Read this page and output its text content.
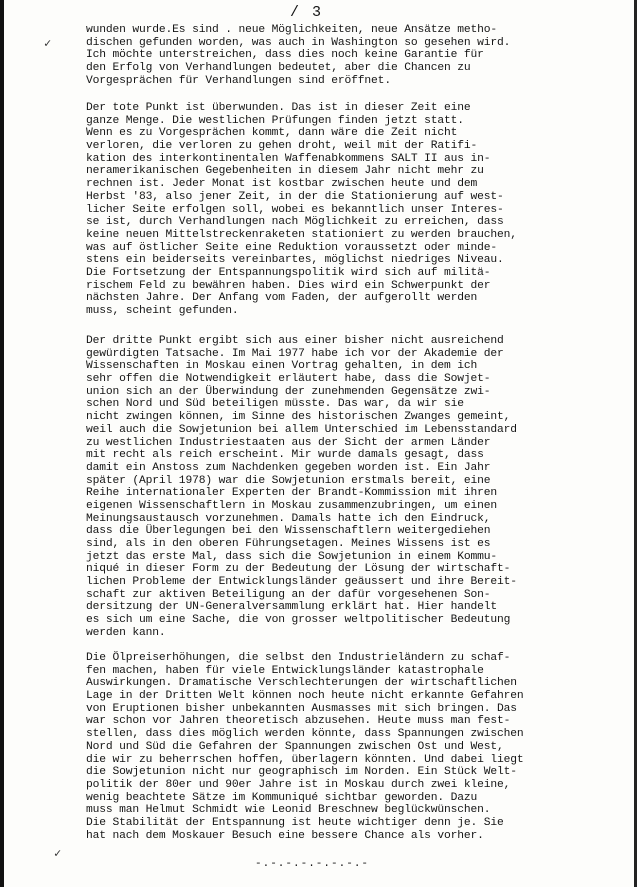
/ 3
✓
✓
wunden wurde.Es sind . neue Möglichkeiten, neue Ansätze metho-
dischen gefunden worden, was auch in Washington so gesehen wird.
Ich möchte unterstreichen, dass dies noch keine Garantie für
den Erfolg von Verhandlungen bedeutet, aber die Chancen zu
Vorgesprächen für Verhandlungen sind eröffnet.
Der tote Punkt ist überwunden. Das ist in dieser Zeit eine
ganze Menge. Die westlichen Prüfungen finden jetzt statt.
Wenn es zu Vorgesprächen kommt, dann wäre die Zeit nicht
verloren, die verloren zu gehen droht, weil mit der Ratifi-
kation des interkontinentalen Waffenabkommens SALT II aus in-
neramerikanischen Gegebenheiten in diesem Jahr nicht mehr zu
rechnen ist. Jeder Monat ist kostbar zwischen heute und dem
Herbst '83, also jener Zeit, in der die Stationierung auf west-
licher Seite erfolgen soll, wobei es bekanntlich unser Interes-
se ist, durch Verhandlungen nach Möglichkeit zu erreichen, dass
keine neuen Mittelstreckenraketen stationiert zu werden brauchen,
was auf östlicher Seite eine Reduktion voraussetzt oder minde-
stens ein beiderseits vereinbartes, möglichst niedriges Niveau.
Die Fortsetzung der Entspannungspolitik wird sich auf militä-
rischem Feld zu bewähren haben. Dies wird ein Schwerpunkt der
nächsten Jahre. Der Anfang vom Faden, der aufgerollt werden
muss, scheint gefunden.
Der dritte Punkt ergibt sich aus einer bisher nicht ausreichend
gewürdigten Tatsache. Im Mai 1977 habe ich vor der Akademie der
Wissenschaften in Moskau einen Vortrag gehalten, in dem ich
sehr offen die Notwendigkeit erläutert habe, dass die Sowjet-
union sich an der Überwindung der zunehmenden Gegensätze zwi-
schen Nord und Süd beteiligen müsste. Das war, da wir sie
nicht zwingen können, im Sinne des historischen Zwanges gemeint,
weil auch die Sowjetunion bei allem Unterschied im Lebensstandard
zu westlichen Industriestaaten aus der Sicht der armen Länder
mit recht als reich erscheint. Mir wurde damals gesagt, dass
damit ein Anstoss zum Nachdenken gegeben worden ist. Ein Jahr
später (April 1978) war die Sowjetunion erstmals bereit, eine
Reihe internationaler Experten der Brandt-Kommission mit ihren
eigenen Wissenschaftlern in Moskau zusammenzubringen, um einen
Meinungsaustausch vorzunehmen. Damals hatte ich den Eindruck,
dass die Überlegungen bei den Wissenschaftlern weitergediehen
sind, als in den oberen Führungsetagen. Meines Wissens ist es
jetzt das erste Mal, dass sich die Sowjetunion in einem Kommu-
niqué in dieser Form zu der Bedeutung der Lösung der wirtschaft-
lichen Probleme der Entwicklungsländer geäussert und ihre Bereit-
schaft zur aktiven Beteiligung an der dafür vorgesehenen Son-
dersitzung der UN-Generalversammlung erklärt hat. Hier handelt
es sich um eine Sache, die von grosser weltpolitischer Bedeutung
werden kann.
Die Ölpreiserhöhungen, die selbst den Industrieländern zu schaf-
fen machen, haben für viele Entwicklungsländer katastrophale
Auswirkungen. Dramatische Verschlechterungen der wirtschaftlichen
Lage in der Dritten Welt können noch heute nicht erkannte Gefahren
von Eruptionen bisher unbekannten Ausmasses mit sich bringen. Das
war schon vor Jahren theoretisch abzusehen. Heute muss man fest-
stellen, dass dies möglich werden könnte, dass Spannungen zwischen
Nord und Süd die Gefahren der Spannungen zwischen Ost und West,
die wir zu beherrschen hoffen, überlagern könnten. Und dabei liegt
die Sowjetunion nicht nur geographisch im Norden. Ein Stück Welt-
politik der 80er und 90er Jahre ist in Moskau durch zwei kleine,
wenig beachtete Sätze im Kommuniqué sichtbar geworden. Dazu
muss man Helmut Schmidt wie Leonid Breschnew beglückwünschen.
Die Stabilität der Entspannung ist heute wichtiger denn je. Sie
hat nach dem Moskauer Besuch eine bessere Chance als vorher.
-.-.-.-.-.-.-.-
